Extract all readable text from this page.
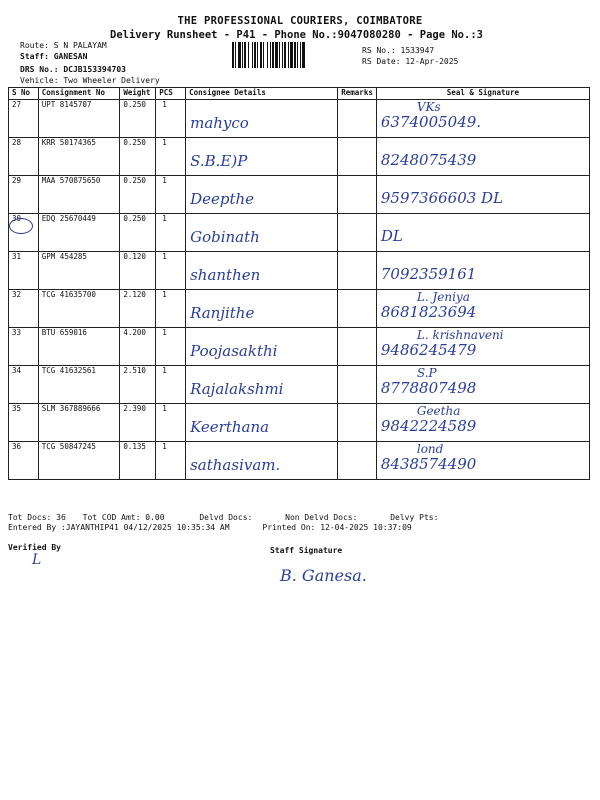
THE PROFESSIONAL COURIERS, COIMBATORE
Delivery Runsheet - P41 - Phone No.:9047080280 - Page No.:3
Route: S N PALAYAM
Staff: GANESAN
DRS No.: DCJB153394703
Vehicle: Two Wheeler Delivery
RS No.: 1533947
RS Date: 12-Apr-2025
S No	Consignment No	Weight	PCS	Consignee Details	Remarks	Seal & Signature
27	UPT 8145707	0.250	1	mahyco		VKs
6374005049.

28	KRR 50174365	0.250	1	S.B.E)P		8248075439

29	MAA 570875650	0.250	1	Deepthe		9597366603 DL

30	EDQ 25670449	0.250	1	Gobinath		DL

31	GPM 454285	0.120	1	shanthen		7092359161

32	TCG 41635700	2.120	1	Ranjithe		L. Jeniya
8681823694

33	BTU 659016	4.200	1	Poojasakthi		L. krishnaveni
9486245479

34	TCG 41632561	2.510	1	Rajalakshmi		S.P
8778807498

35	SLM 367889666	2.390	1	Keerthana		Geetha
9842224589

36	TCG 50847245	0.135	1	sathasivam.		lond
8438574490
Tot Docs: 36 Tot COD Amt: 0.00	Delvd Docs:	Non Delvd Docs:	Delvy Pts:
Entered By :JAYANTHIP41 04/12/2025 10:35:34 AM	Printed On: 12-04-2025 10:37:09
Verified By
L
Staff Signature
B. Ganesa.
